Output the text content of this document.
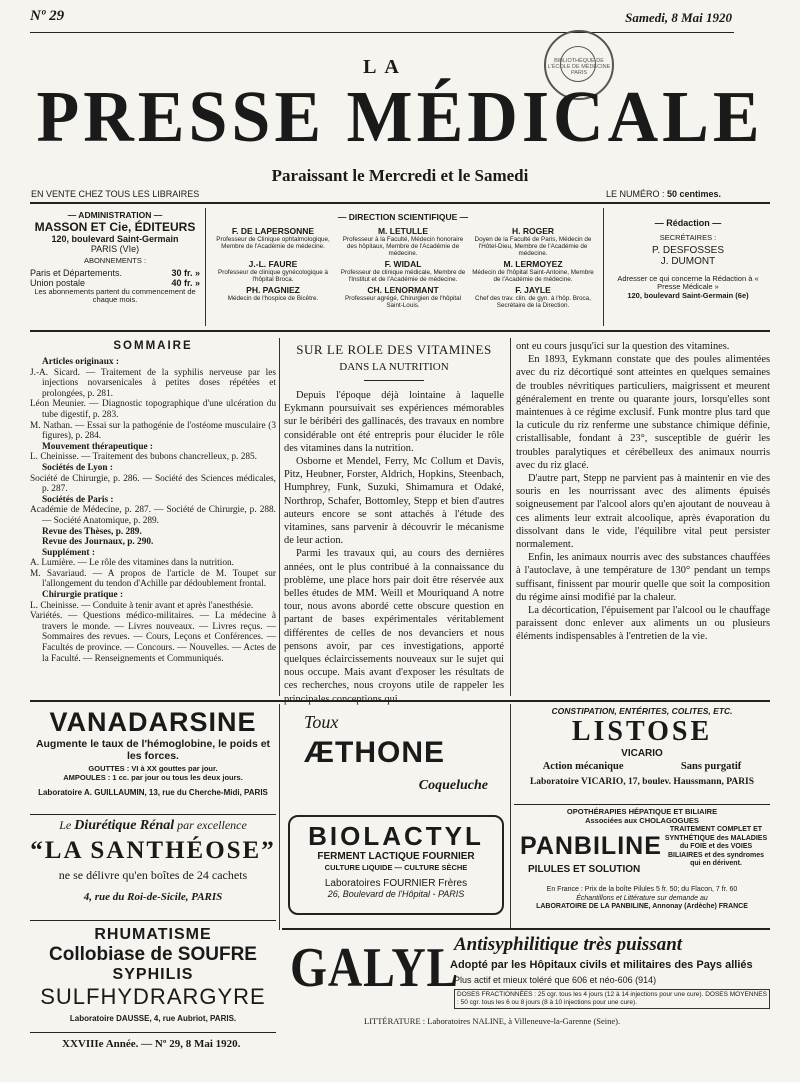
Nº 29	Samedi, 8 Mai 1920
BIBLIOTHÈQUE DE L'ÉCOLE DE MÉDECINE PARIS
LA
PRESSE MÉDICALE
Paraissant le Mercredi et le Samedi
EN VENTE CHEZ TOUS LES LIBRAIRES	LE NUMÉRO : 50 centimes.
— ADMINISTRATION —
MASSON ET Cie, ÉDITEURS
120, boulevard Saint-Germain
PARIS (VIe)
ABONNEMENTS :
Paris et Départements.	30 fr. »
Union postale	40 fr. »
Les abonnements partent du commencement de chaque mois.
— DIRECTION SCIENTIFIQUE —
F. DE LAPERSONNE
Professeur de Clinique ophtalmologique, Membre de l'Académie de médecine.
M. LETULLE
Professeur à la Faculté, Médecin honoraire des hôpitaux, Membre de l'Académie de médecine.
H. ROGER
Doyen de la Faculté de Paris, Médecin de l'Hôtel-Dieu, Membre de l'Académie de médecine.
J.-L. FAURE
Professeur de clinique gynécologique à l'hôpital Broca.
F. WIDAL
Professeur de clinique médicale, Membre de l'Institut et de l'Académie de médecine.
M. LERMOYEZ
Médecin de l'hôpital Saint-Antoine, Membre de l'Académie de médecine.
PH. PAGNIEZ
Médecin de l'hospice de Bicêtre.
CH. LENORMANT
Professeur agrégé, Chirurgien de l'hôpital Saint-Louis.
F. JAYLE
Chef des trav. clin. de gyn. à l'hôp. Broca, Secrétaire de la Direction.
— Rédaction —
SECRÉTAIRES :
P. DESFOSSES
J. DUMONT
Adresser ce qui concerne la Rédaction à « Presse Médicale »
120, boulevard Saint-Germain (6e)
SOMMAIRE
Articles originaux :
J.-A. Sicard. — Traitement de la syphilis nerveuse par les injections novarsenicales à petites doses répétées et prolongées, p. 281.
Léon Meunier. — Diagnostic topographique d'une ulcération du tube digestif, p. 283.
M. Nathan. — Essai sur la pathogénie de l'ostéome musculaire (3 figures), p. 284.
Mouvement thérapeutique :
L. Cheinisse. — Traitement des bubons chancrelleux, p. 285.
Sociétés de Lyon :
Société de Chirurgie, p. 286. — Société des Sciences médicales, p. 287.
Sociétés de Paris :
Académie de Médecine, p. 287. — Société de Chirurgie, p. 288. — Société Anatomique, p. 289.
Revue des Thèses, p. 289.
Revue des Journaux, p. 290.
Supplément :
A. Lumière. — Le rôle des vitamines dans la nutrition.
M. Savariaud. — A propos de l'article de M. Toupet sur l'allongement du tendon d'Achille par dédoublement frontal.
Chirurgie pratique :
L. Cheinisse. — Conduite à tenir avant et après l'anesthésie.
Variétés. — Questions médico-militaires. — La médecine à travers le monde. — Livres nouveaux. — Livres reçus. — Sommaires des revues. — Cours, Leçons et Conférences. — Facultés de province. — Concours. — Nouvelles. — Actes de la Faculté. — Renseignements et Communiqués.
SUR LE ROLE DES VITAMINES
DANS LA NUTRITION

Depuis l'époque déjà lointaine à laquelle Eykmann poursuivait ses expériences mémorables sur le béribéri des gallinacés, des travaux en nombre considérable ont été entrepris pour élucider le rôle des vitamines dans la nutrition.

Osborne et Mendel, Ferry, Mc Collum et Davis, Pitz, Heubner, Forster, Aldrich, Hopkins, Steenbach, Humphrey, Funk, Suzuki, Shimamura et Odaké, Northrop, Schafer, Bottomley, Stepp et bien d'autres auteurs encore se sont attachés à l'étude des vitamines, sans parvenir à découvrir le mécanisme de leur action.

Parmi les travaux qui, au cours des dernières années, ont le plus contribué à la connaissance du problème, une place hors pair doit être réservée aux belles études de MM. Weill et Mouriquand A notre tour, nous avons abordé cette obscure question en partant de bases expérimentales véritablement différentes de celles de nos devanciers et nous pensons avoir, par ces investigations, apporté quelques éclaircissements nouveaux sur le sujet qui nous occupe. Mais avant d'exposer les résultats de ces recherches, nous croyons utile de rappeler les

ont eu cours jusqu'ici sur la question des vitamines.

En 1893, Eykmann constate que des poules alimentées avec du riz décortiqué sont atteintes en quelques semaines de troubles névritiques particuliers, maigrissent et meurent généralement en trente ou quarante jours, lorsqu'elles sont maintenues à ce régime exclusif. Funk montre plus tard que la cuticule du riz renferme une substance chimique définie, cristallisable, fondant à 23°, susceptible de guérir les troubles paralytiques et cérébelleux des animaux nourris avec du riz glacé.

D'autre part, Stepp ne parvient pas à maintenir en vie des souris en les nourrissant avec des aliments épuisés soigneusement par l'alcool alors qu'en ajoutant de nouveau à ces aliments leur extrait alcoolique, après évaporation du dissolvant dans le vide, l'équilibre vital peut persister normalement.

Enfin, les animaux nourris avec des substances chauffées à l'autoclave, à une température de 130° pendant un temps suffisant, finissent par mourir quelle que soit la composition du régime ainsi modifié par la chaleur.

La décortication, l'épuisement par l'alcool ou le chauffage paraissent donc enlever aux aliments un ou plusieurs éléments indispensables à l'entretien de la vie.

VANADARSINE
Augmente le taux de l'hémoglobine, le poids et les forces.
GOUTTES : VI à XX gouttes par jour.
AMPOULES : 1 cc. par jour ou tous les deux jours.
Laboratoire A. GUILLAUMIN, 13, rue du Cherche-Midi, PARIS
Le Diurétique Rénal par excellence
“LA SANTHÉOSE”
ne se délivre qu'en boîtes de 24 cachets
4, rue du Roi-de-Sicile, PARIS
RHUMATISME
Collobiase de SOUFRE
SYPHILIS
SULFHYDRARGYRE
Laboratoire DAUSSE, 4, rue Aubriot, PARIS.
Toux
ÆTHONE
Coqueluche
BIOLACTYL
FERMENT LACTIQUE FOURNIER
CULTURE LIQUIDE — CULTURE SÈCHE
Laboratoires FOURNIER Frères
26, Boulevard de l'Hôpital - PARIS
CONSTIPATION, ENTÉRITES, COLITES, ETC.
LISTOSE
VICARIO
Action mécanique	Sans purgatif
Laboratoire VICARIO, 17, boulev. Haussmann, PARIS
OPOTHÉRAPIES HÉPATIQUE ET BILIAIRE
Associées aux CHOLAGOGUES
PANBILINE
TRAITEMENT COMPLET ET SYNTHÉTIQUE des MALADIES du FOIE et des VOIES BILIAIRES et des syndromes qui en dérivent.
PILULES ET SOLUTION
En France : Prix de la boîte Pilules 5 fr. 50; du Flacon, 7 fr. 60
Échantillons et Littérature sur demande au
LABORATOIRE DE LA PANBILINE, Annonay (Ardèche) FRANCE
GALYL
Antisyphilitique très puissant
Adopté par les Hôpitaux civils et militaires des Pays alliés
Plus actif et mieux toléré que 606 et néo-606 (914)
DOSES FRACTIONNÉES : 25 cgr. tous les 4 jours (12 à 14 injections pour une cure). DOSES MOYENNES : 50 cgr. tous les 6 ou 8 jours (8 à 10 injections pour une cure).
LITTÉRATURE : Laboratoires NALINE, à Villeneuve-la-Garenne (Seine).
XXVIIIe Année. — Nº 29, 8 Mai 1920.
